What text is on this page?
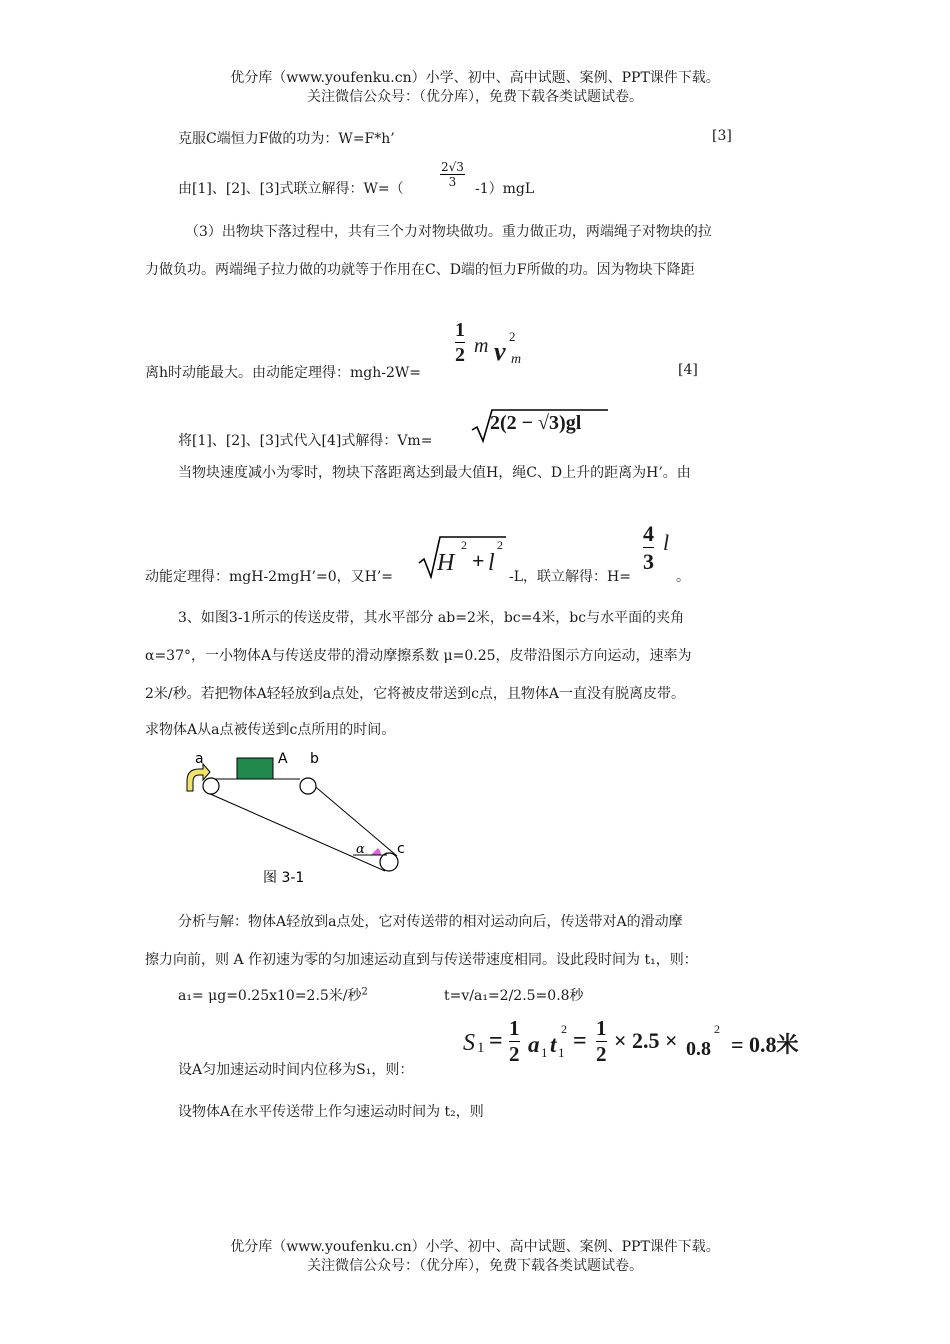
优分库（www.youfenku.cn）小学、初中、高中试题、案例、PPT课件下载。
关注微信公众号：（优分库），免费下载各类试题试卷。
克服C端恒力F做的功为：W=F*h’	[3]
由[1]、[2]、[3]式联立解得：W=（	$\frac{2√3}{3} -1)mgL$
（3）出物块下落过程中，共有三个力对物块做功。重力做正功，两端绳子对物块的拉
力做负功。两端绳子拉力做的功就等于作用在C、D端的恒力F所做的功。因为物块下降距
离h时动能最大。由动能定理得：mgh-2W=	[4]
$\frac{1}{2}$ m v
2
m
将[1]、[2]、[3]式代入[4]式解得：Vm=
2(2 − √3)gl
当物块速度减小为零时，物块下落距离达到最大值H，绳C、D上升的距离为H’。由
动能定理得：mgH-2mgH’=0，又H’=
H
2
+ l
2
-L，联立解得：H=
$\frac{4}{3}$ l
。
3、如图3-1所示的传送皮带，其水平部分 ab=2米，bc=4米，bc与水平面的夹角
α=37°，一小物体A与传送皮带的滑动摩擦系数 μ=0.25，皮带沿图示方向运动，速率为
2米/秒。若把物体A轻轻放到a点处，它将被皮带送到c点，且物体A一直没有脱离皮带。
求物体A从a点被传送到c点所用的时间。
a	A b
α c
图 3-1
分析与解：物体A轻放到a点处，它对传送带的相对运动向后，传送带对A的滑动摩
擦力向前，则 A 作初速为零的匀加速运动直到与传送带速度相同。设此段时间为 t₁，则：
a₁= μg=0.25x10=2.5米/秒$^2$	t=v/a₁=2/2.5=0.8秒
设A匀加速运动时间内位移为S₁，则：
S $1 = \frac{1}{2}$ a 1 t
2
$1 = \frac{1}{2} \times 2.5 \times 0.8$
2
= 0.8米
设物体A在水平传送带上作匀速运动时间为 t₂，则
优分库（www.youfenku.cn）小学、初中、高中试题、案例、PPT课件下载。
关注微信公众号：（优分库），免费下载各类试题试卷。
